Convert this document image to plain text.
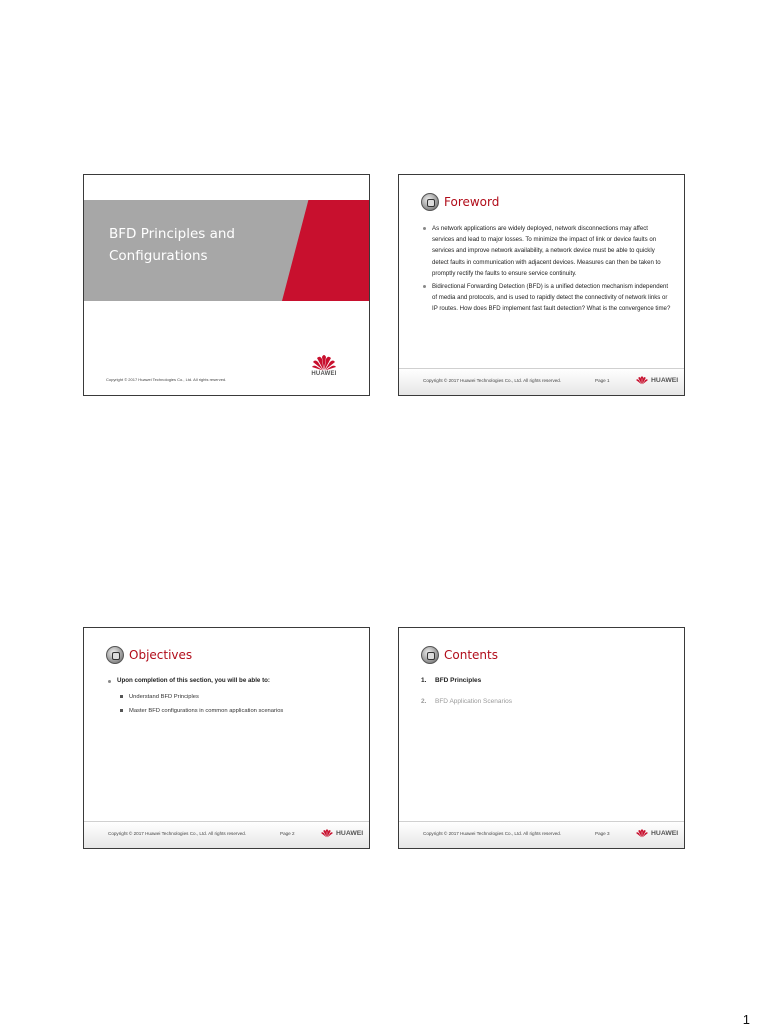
BFD Principles and Configurations
www.huawei.com
Copyright © 2017 Huawei Technologies Co., Ltd. All rights reserved.
HUAWEI
Foreword
As network applications are widely deployed, network disconnections may affect services and lead to major losses. To minimize the impact of link or device faults on services and improve network availability, a network device must be able to quickly detect faults in communication with adjacent devices. Measures can then be taken to promptly rectify the faults to ensure service continuity.
Bidirectional Forwarding Detection (BFD) is a unified detection mechanism independent of media and protocols, and is used to rapidly detect the connectivity of network links or IP routes. How does BFD implement fast fault detection? What is the convergence time?
Copyright © 2017 Huawei Technologies Co., Ltd. All rights reserved.	Page 1	HUAWEI
Objectives
Upon completion of this section, you will be able to:
Understand BFD Principles
Master BFD configurations in common application scenarios
Copyright © 2017 Huawei Technologies Co., Ltd. All rights reserved.	Page 2	HUAWEI
Contents
1.	BFD Principles
2.	BFD Application Scenarios
Copyright © 2017 Huawei Technologies Co., Ltd. All rights reserved.	Page 3	HUAWEI
1
